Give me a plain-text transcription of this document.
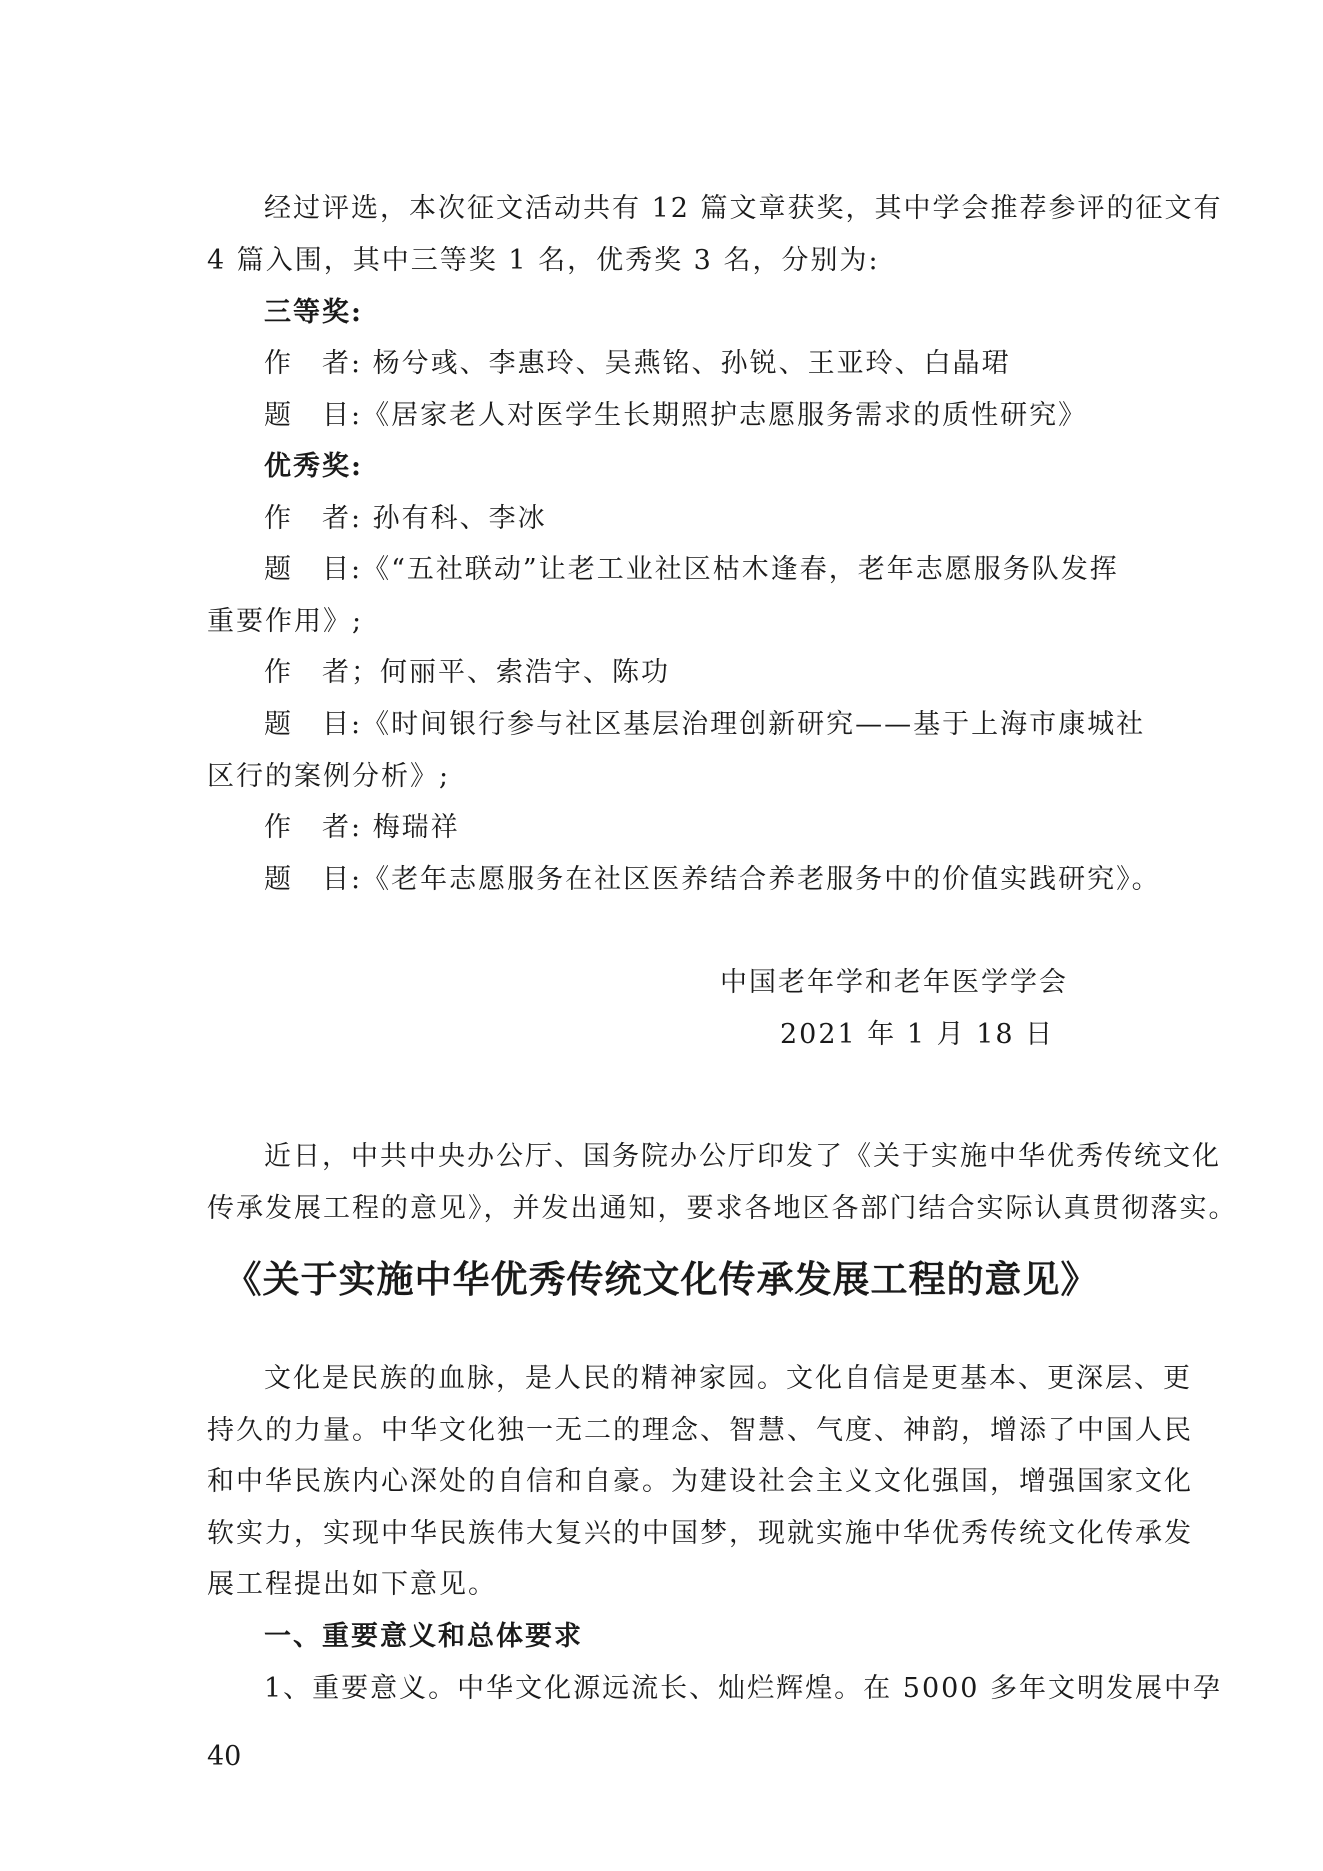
经过评选，本次征文活动共有 12 篇文章获奖，其中学会推荐参评的征文有
4 篇入围，其中三等奖 1 名，优秀奖 3 名，分别为:
三等奖:
作　者: 杨兮彧、李惠玲、吴燕铭、孙锐、王亚玲、白晶珺
题　目:《居家老人对医学生长期照护志愿服务需求的质性研究》
优秀奖:
作　者: 孙有科、李冰
题　目:《“五社联动”让老工业社区枯木逢春，老年志愿服务队发挥
重要作用》;
作　者；何丽平、索浩宇、陈功
题　目:《时间银行参与社区基层治理创新研究——基于上海市康城社
区行的案例分析》;
作　者: 梅瑞祥
题　目:《老年志愿服务在社区医养结合养老服务中的价值实践研究》。
中国老年学和老年医学学会
2021 年 1 月 18 日
近日，中共中央办公厅、国务院办公厅印发了《关于实施中华优秀传统文化
传承发展工程的意见》，并发出通知，要求各地区各部门结合实际认真贯彻落实。
《关于实施中华优秀传统文化传承发展工程的意见》
文化是民族的血脉，是人民的精神家园。文化自信是更基本、更深层、更
持久的力量。中华文化独一无二的理念、智慧、气度、神韵，增添了中国人民
和中华民族内心深处的自信和自豪。为建设社会主义文化强国，增强国家文化
软实力，实现中华民族伟大复兴的中国梦，现就实施中华优秀传统文化传承发
展工程提出如下意见。
一、重要意义和总体要求
1、重要意义。中华文化源远流长、灿烂辉煌。在 5000 多年文明发展中孕
40
